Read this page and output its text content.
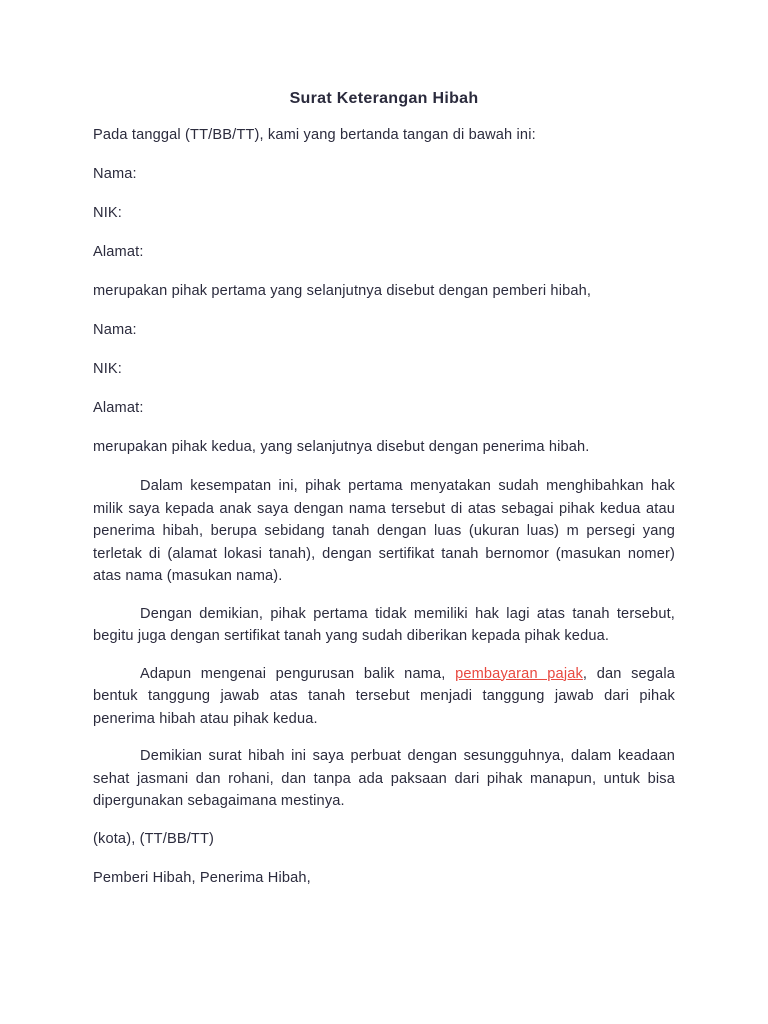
Surat Keterangan Hibah
Pada tanggal (TT/BB/TT), kami yang bertanda tangan di bawah ini:
Nama:
NIK:
Alamat:
merupakan pihak pertama yang selanjutnya disebut dengan pemberi hibah,
Nama:
NIK:
Alamat:
merupakan pihak kedua, yang selanjutnya disebut dengan penerima hibah.

Dalam kesempatan ini, pihak pertama menyatakan sudah menghibahkan hak milik saya kepada anak saya dengan nama tersebut di atas sebagai pihak kedua atau penerima hibah, berupa sebidang tanah dengan luas (ukuran luas) m persegi yang terletak di (alamat lokasi tanah), dengan sertifikat tanah bernomor (masukan nomer) atas nama (masukan nama).

Dengan demikian, pihak pertama tidak memiliki hak lagi atas tanah tersebut, begitu juga dengan sertifikat tanah yang sudah diberikan kepada pihak kedua.

Adapun mengenai pengurusan balik nama, pembayaran pajak, dan segala bentuk tanggung jawab atas tanah tersebut menjadi tanggung jawab dari pihak penerima hibah atau pihak kedua.

Demikian surat hibah ini saya perbuat dengan sesungguhnya, dalam keadaan sehat jasmani dan rohani, dan tanpa ada paksaan dari pihak manapun, untuk bisa dipergunakan sebagaimana mestinya.

(kota), (TT/BB/TT)
Pemberi Hibah, Penerima Hibah,
